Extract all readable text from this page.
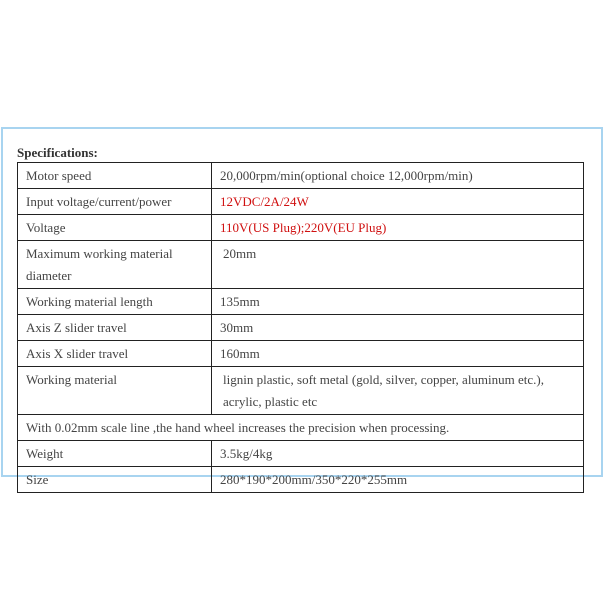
Specifications:
Motor speed	20,000rpm/min(optional choice 12,000rpm/min)
Input voltage/current/power	12VDC/2A/24W
Voltage	110V(US Plug);220V(EU Plug)
Maximum working material diameter	20mm
Working material length	135mm
Axis Z slider travel	30mm
Axis X slider travel	160mm
Working material	lignin plastic, soft metal (gold, silver, copper, aluminum etc.), acrylic, plastic etc
With 0.02mm scale line ,the hand wheel increases the precision when processing.	
Weight	3.5kg/4kg
Size	280*190*200mm/350*220*255mm
